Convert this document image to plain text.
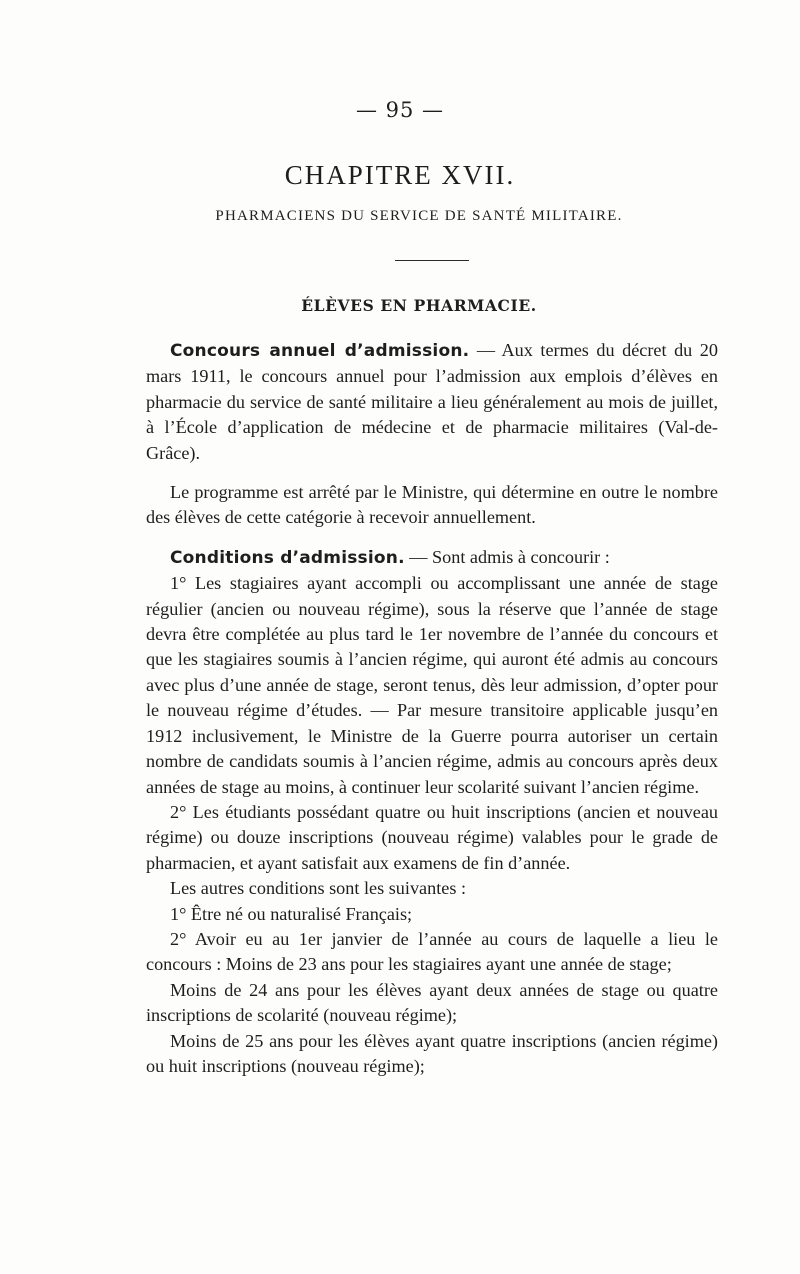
— 95 —
CHAPITRE XVII.
PHARMACIENS DU SERVICE DE SANTÉ MILITAIRE.
ÉLÈVES EN PHARMACIE.

Concours annuel d’admission. — Aux termes du décret du 20 mars 1911, le concours annuel pour l’admission aux emplois d’élèves en pharmacie du service de santé militaire a lieu généralement au mois de juillet, à l’École d’application de médecine et de pharmacie militaires (Val-de-Grâce).

Le programme est arrêté par le Ministre, qui détermine en outre le nombre des élèves de cette catégorie à recevoir annuellement.

Conditions d’admission. — Sont admis à concourir :

1° Les stagiaires ayant accompli ou accomplissant une année de stage régulier (ancien ou nouveau régime), sous la réserve que l’année de stage devra être complétée au plus tard le 1er novembre de l’année du concours et que les stagiaires soumis à l’ancien régime, qui auront été admis au concours avec plus d’une année de stage, seront tenus, dès leur admission, d’opter pour le nouveau régime d’études. — Par mesure transitoire applicable jusqu’en 1912 inclusivement, le Ministre de la Guerre pourra autoriser un certain nombre de candidats soumis à l’ancien régime, admis au concours après deux années de stage au moins, à continuer leur scolarité suivant l’ancien régime.

2° Les étudiants possédant quatre ou huit inscriptions (ancien et nouveau régime) ou douze inscriptions (nouveau régime) valables pour le grade de pharmacien, et ayant satisfait aux examens de fin d’année.

Les autres conditions sont les suivantes :

1° Être né ou naturalisé Français;

2° Avoir eu au 1er janvier de l’année au cours de laquelle a lieu le concours : Moins de 23 ans pour les stagiaires ayant une année de stage;

Moins de 24 ans pour les élèves ayant deux années de stage ou quatre inscriptions de scolarité (nouveau régime);

Moins de 25 ans pour les élèves ayant quatre inscriptions (ancien régime) ou huit inscriptions (nouveau régime);
